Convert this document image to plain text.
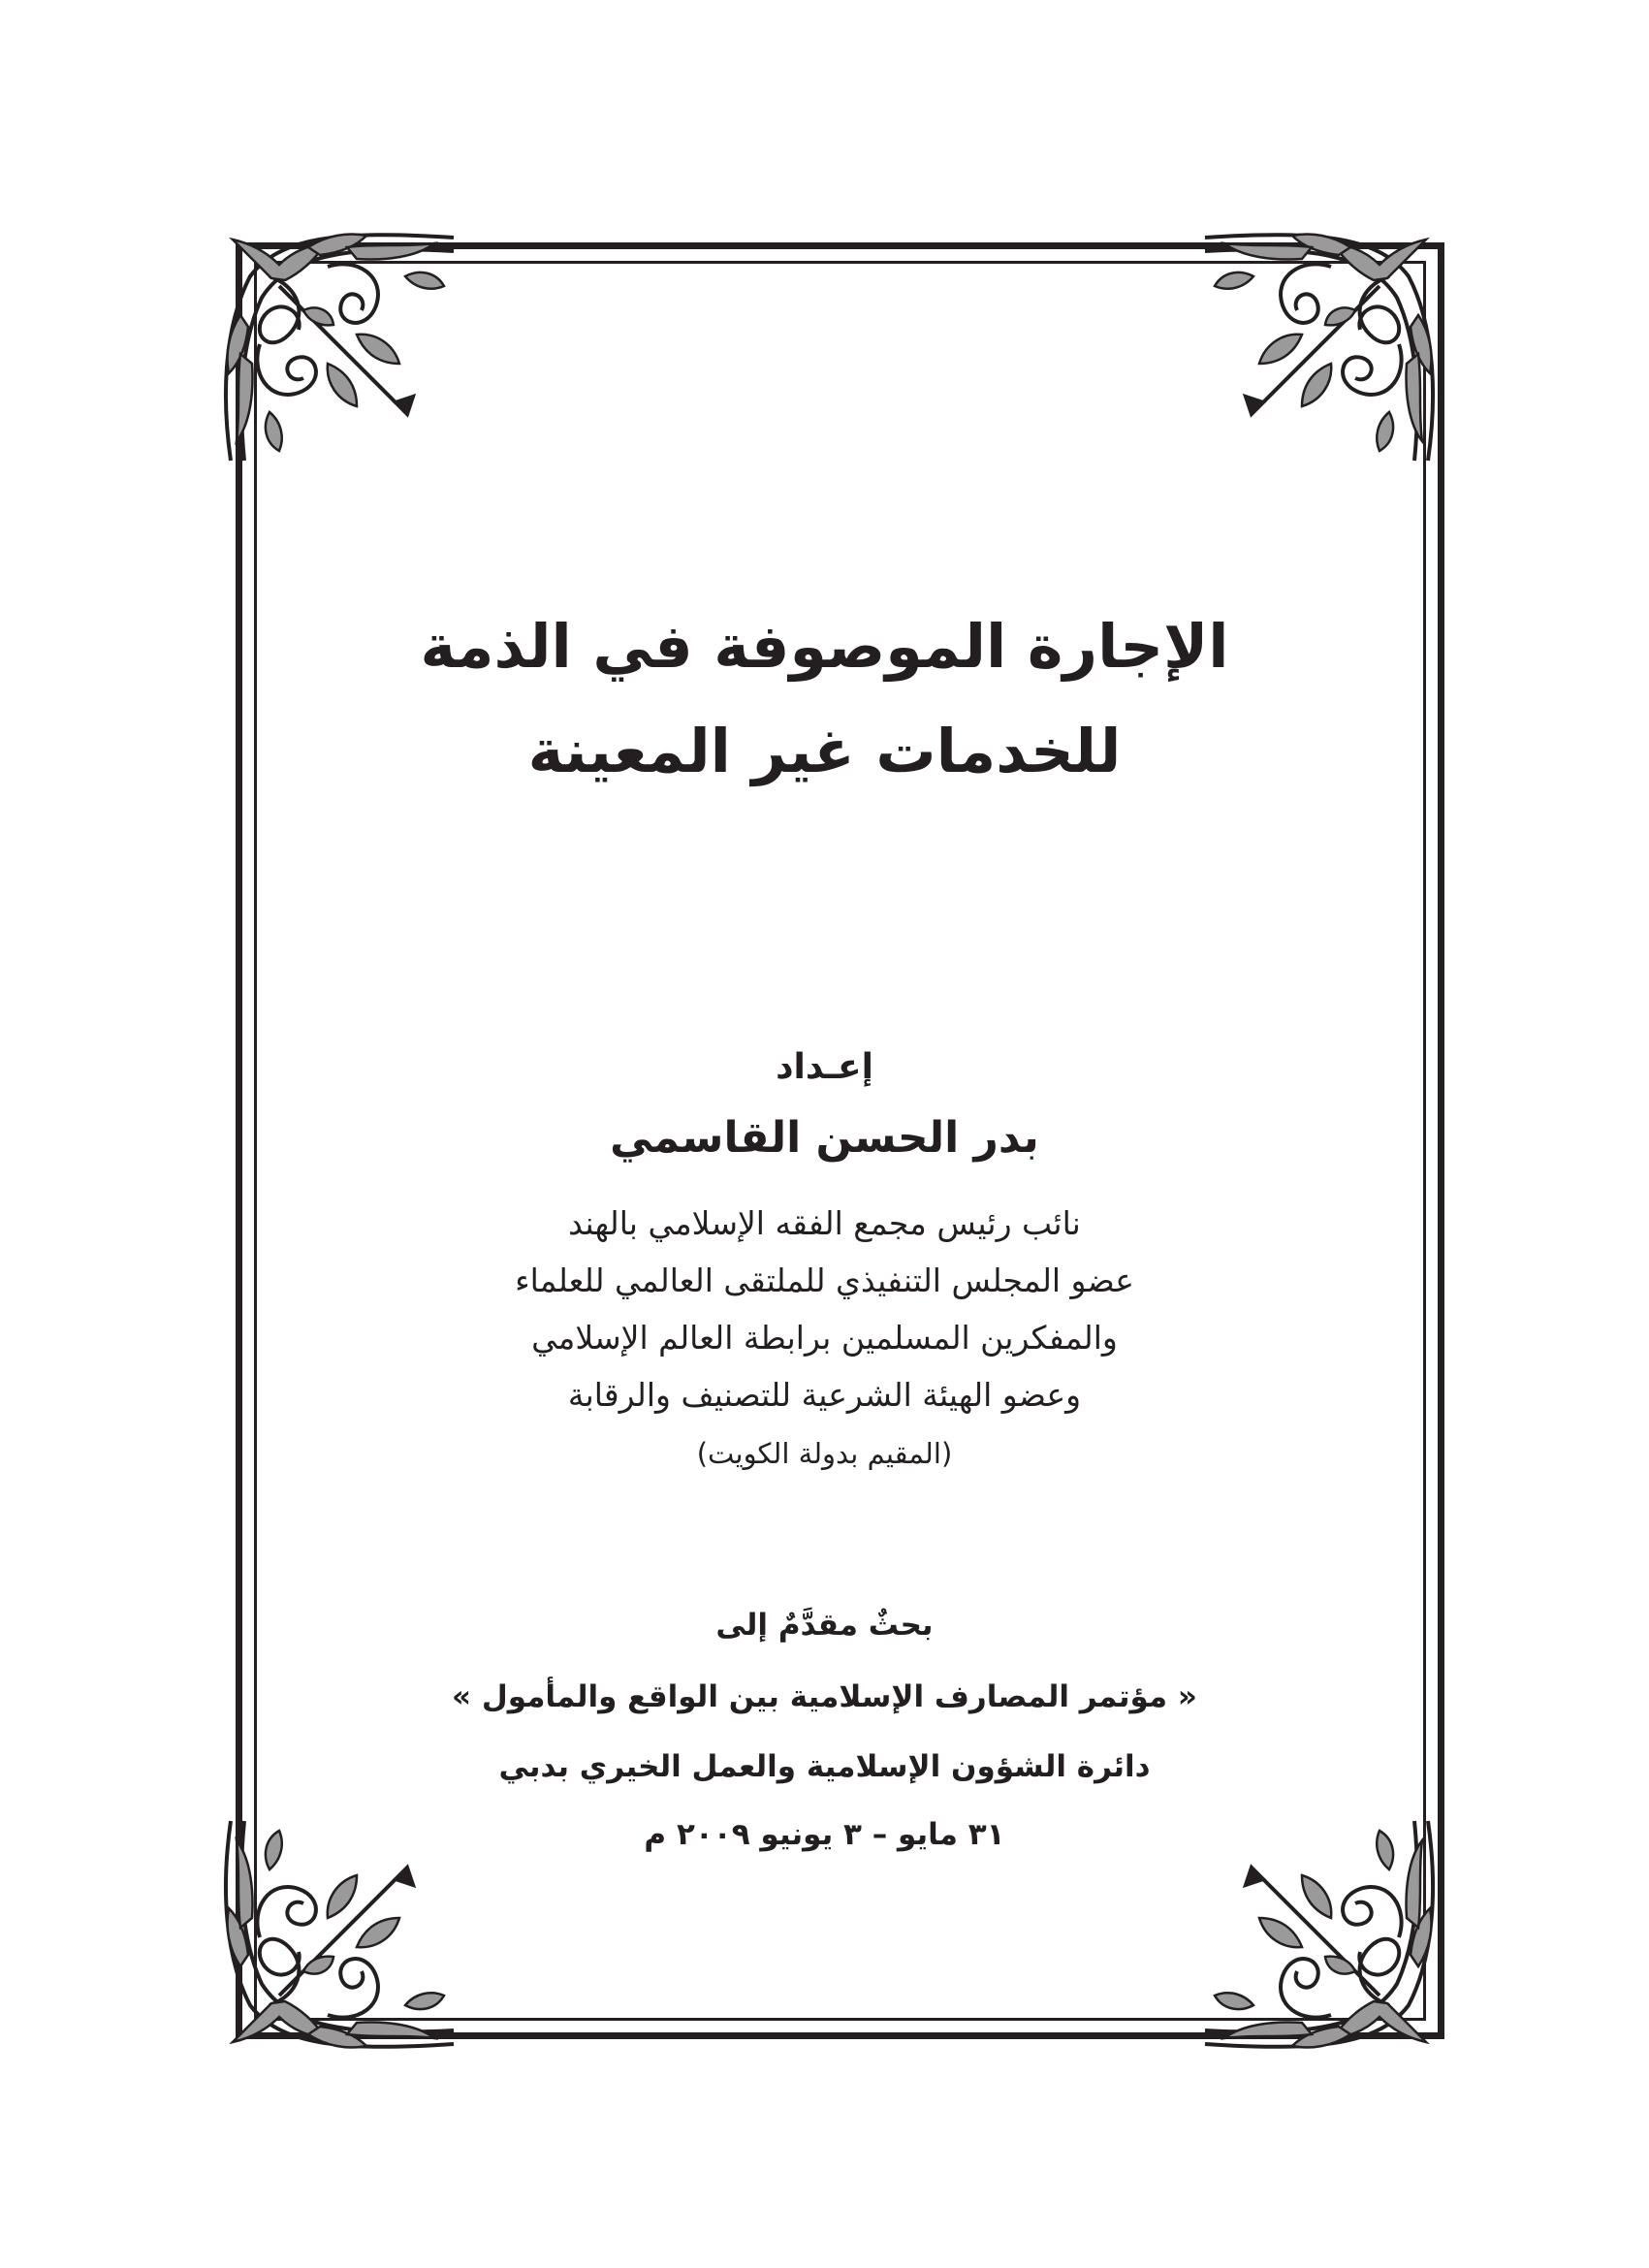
الإجارة الموصوفة في الذمة
للخدمات غير المعينة
إعـداد
بدر الحسن القاسمي
نائب رئيس مجمع الفقه الإسلامي بالهند
عضو المجلس التنفيذي للملتقى العالمي للعلماء
والمفكرين المسلمين برابطة العالم الإسلامي
وعضو الهيئة الشرعية للتصنيف والرقابة
(المقيم بدولة الكويت)
بحثٌ مقدَّمٌ إلى
« مؤتمر المصارف الإسلامية بين الواقع والمأمول »
دائرة الشؤون الإسلامية والعمل الخيري بدبي
٣١ مايو – ٣ يونيو ٢٠٠٩ م
